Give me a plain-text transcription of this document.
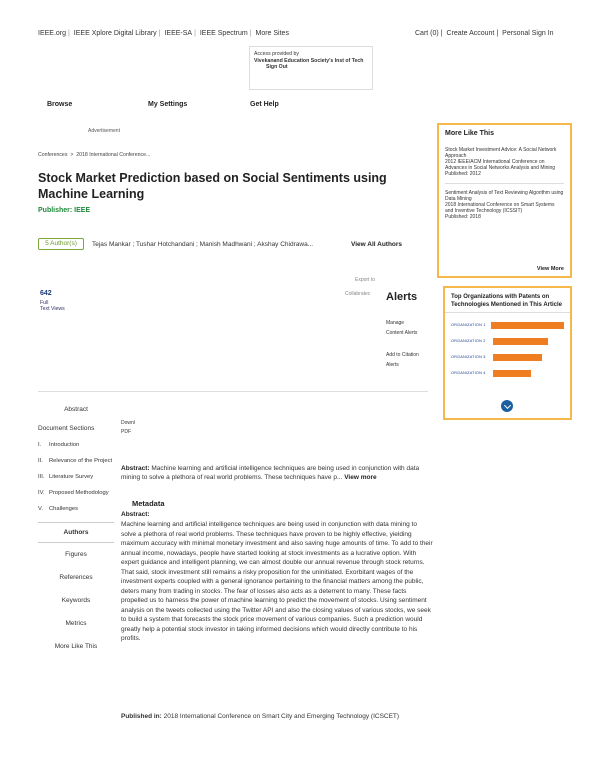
IEEE.org | IEEE Xplore Digital Library | IEEE-SA | IEEE Spectrum | More Sites	Cart (0) | Create Account | Personal Sign In
Access provided by
Vivekanand Education Society's Inst of Tech
Sign Out
Browse	My Settings	Get Help
Advertisement
Conferences > 2018 International Conference...
Stock Market Prediction based on Social Sentiments using Machine Learning
Publisher: IEEE
5 Author(s)	Tejas Mankar ; Tushar Hotchandani ; Manish Madhwani ; Akshay Chidrawa...	View All Authors
Export to
Collabratec
642
Full
Text Views
Alerts
Manage
Content Alerts
Add to Citation
Alerts
More Like This
Stock Market Investment Advice: A Social Network Approach
2012 IEEE/ACM International Conference on Advances in Social Networks Analysis and Mining
Published: 2012
Sentiment Analysis of Text Reviewing Algorithm using Data Mining
2018 International Conference on Smart Systems and Inventive Technology (ICSSIT)
Published: 2018
View More
Top Organizations with Patents on Technologies Mentioned in This Article
ORGANIZATION 1
ORGANIZATION 2
ORGANIZATION 3
ORGANIZATION 4
Abstract
Document Sections
I.	Introduction
II.	Relevance of the Project
III. Literature Survey
IV. Proposed Methodology
V.	Challenges
Authors
Figures
References
Keywords
Metrics
More Like This
Downl
PDF
Abstract: Machine learning and artificial intelligence techniques are being used in conjunction with data mining to solve a plethora of real world problems. These techniques have p... View more
Metadata
Abstract:
Machine learning and artificial intelligence techniques are being used in conjunction with data mining to solve a plethora of real world problems. These techniques have proven to be highly effective, yielding maximum accuracy with minimal monetary investment and also saving huge amounts of time. To add to their annual income, nowadays, people have started looking at stock investments as a lucrative option. With expert guidance and intelligent planning, we can almost double our annual revenue through stock returns. That said, stock investment still remains a risky proposition for the uninitiated. Exorbitant wages of the investment experts coupled with a general ignorance pertaining to the financial matters among the public, deters many from trading in stocks. The fear of losses also acts as a deterrent to many. These facts propelled us to harness the power of machine learning to predict the movement of stocks. Using sentiment analysis on the tweets collected using the Twitter API and also the closing values of various stocks, we seek to build a system that forecasts the stock price movement of various companies. Such a prediction would greatly help a potential stock investor in taking informed decisions which would directly contribute to his profits.
Published in: 2018 International Conference on Smart City and Emerging Technology (ICSCET)
